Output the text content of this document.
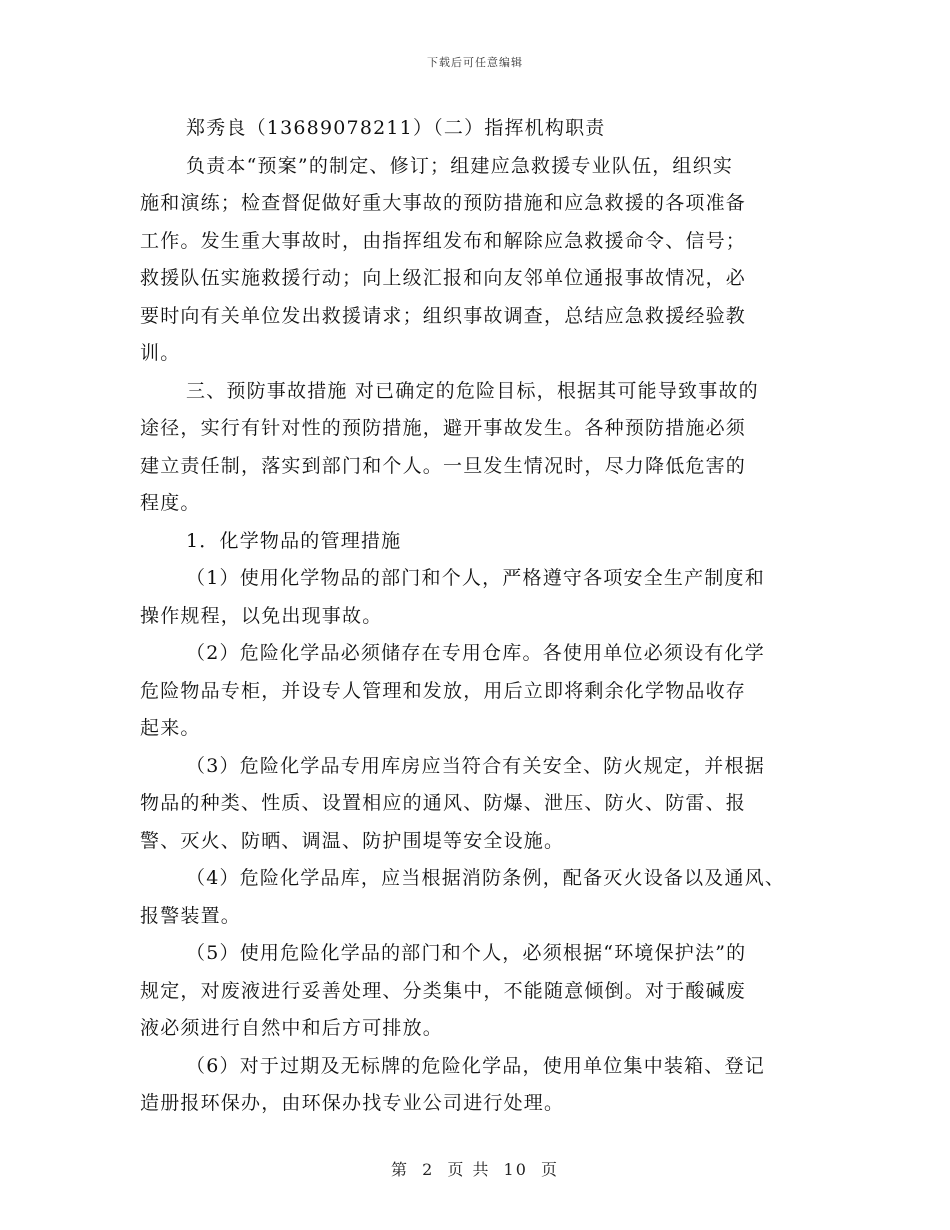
下载后可任意编辑

郑秀良（13689078211）（二）指挥机构职责

负责本“预案”的制定、修订；组建应急救援专业队伍，组织实
施和演练；检查督促做好重大事故的预防措施和应急救援的各项准备
工作。发生重大事故时，由指挥组发布和解除应急救援命令、信号；
救援队伍实施救援行动；向上级汇报和向友邻单位通报事故情况，必
要时向有关单位发出救援请求；组织事故调查，总结应急救援经验教
训。

三、预防事故措施 对已确定的危险目标，根据其可能导致事故的
途径，实行有针对性的预防措施，避开事故发生。各种预防措施必须
建立责任制，落实到部门和个人。一旦发生情况时，尽力降低危害的
程度。

1．化学物品的管理措施

（1）使用化学物品的部门和个人，严格遵守各项安全生产制度和
操作规程，以免出现事故。

（2）危险化学品必须储存在专用仓库。各使用单位必须设有化学
危险物品专柜，并设专人管理和发放，用后立即将剩余化学物品收存
起来。

（3）危险化学品专用库房应当符合有关安全、防火规定，并根据
物品的种类、性质、设置相应的通风、防爆、泄压、防火、防雷、报
警、灭火、防晒、调温、防护围堤等安全设施。

（4）危险化学品库，应当根据消防条例，配备灭火设备以及通风、
报警装置。

（5）使用危险化学品的部门和个人，必须根据“环境保护法”的
规定，对废液进行妥善处理、分类集中，不能随意倾倒。对于酸碱废
液必须进行自然中和后方可排放。

（6）对于过期及无标牌的危险化学品，使用单位集中装箱、登记
造册报环保办，由环保办找专业公司进行处理。

第 2 页 共 10 页
